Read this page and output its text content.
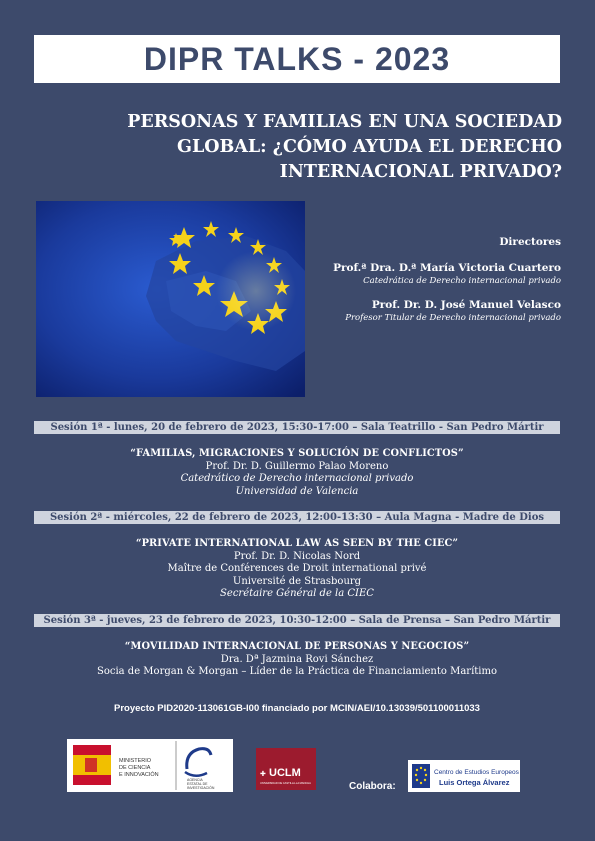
DIPR TALKS - 2023
PERSONAS Y FAMILIAS EN UNA SOCIEDAD
GLOBAL: ¿CÓMO AYUDA EL DERECHO
INTERNACIONAL PRIVADO?
Directores
Prof.ª Dra. D.ª María Victoria Cuartero
Catedrática de Derecho internacional privado
Prof. Dr. D. José Manuel Velasco
Profesor Titular de Derecho internacional privado
Sesión 1ª - lunes, 20 de febrero de 2023, 15:30-17:00 – Sala Teatrillo - San Pedro Mártir
“FAMILIAS, MIGRACIONES Y SOLUCIÓN DE CONFLICTOS”
Prof. Dr. D. Guillermo Palao Moreno
Catedrático de Derecho internacional privado
Universidad de Valencia
Sesión 2ª - miércoles, 22 de febrero de 2023, 12:00-13:30 – Aula Magna - Madre de Dios
“PRIVATE INTERNATIONAL LAW AS SEEN BY THE CIEC”
Prof. Dr. D. Nicolas Nord
Maître de Conférences de Droit international privé
Université de Strasbourg
Secrétaire Général de la CIEC
Sesión 3ª - jueves, 23 de febrero de 2023, 10:30-12:00 – Sala de Prensa – San Pedro Mártir
“MOVILIDAD INTERNACIONAL DE PERSONAS Y NEGOCIOS”
Dra. Dª Jazmina Rovi Sánchez
Socia de Morgan & Morgan – Líder de la Práctica de Financiamiento Marítimo
Proyecto PID2020-113061GB-I00 financiado por MCIN/AEI/10.13039/501100011033
MINISTERIO
DE CIENCIA
E INNOVACIÓN
AGENCIA
ESTATAL DE
INVESTIGACIÓN
✚ UCLM
UNIVERSIDAD DE CASTILLA-LA MANCHA	Colabora:
Centro de Estudios Europeos
Luis Ortega Álvarez
